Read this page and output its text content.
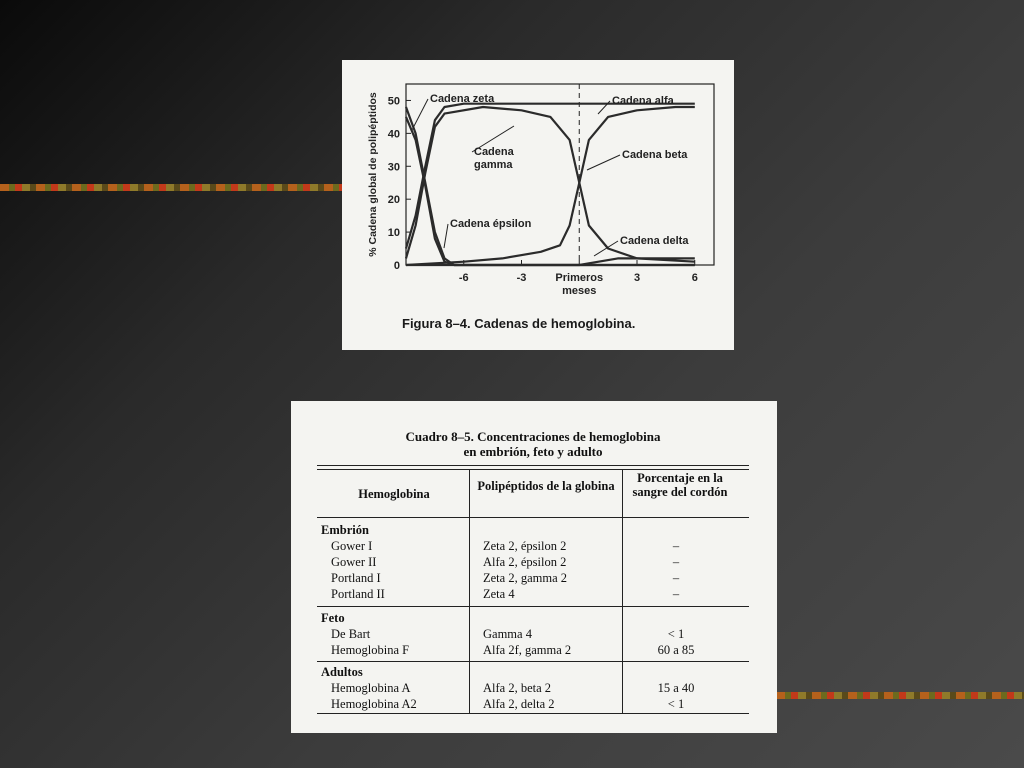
0
10
20
30
40
50
-6	-3	Primeros meses
3	6
% Cadena global de polipéptidos	Cadena zeta	Cadena alfa
Cadena gamma
Cadena beta
Cadena épsilon
Cadena delta
Figura 8–4. Cadenas de hemoglobina.
Cuadro 8–5. Concentraciones de hemoglobina
en embrión, feto y adulto
Hemoglobina
Polipéptidos de la globina
Porcentaje en la sangre del cordón
Embrión
Gower I	Zeta 2, épsilon 2	–
Gower II	Alfa 2, épsilon 2	–
Portland I	Zeta 2, gamma 2	–
Portland II	Zeta 4	–
Feto
De Bart	Gamma 4	< 1
Hemoglobina F	Alfa 2f, gamma 2	60 a 85
Adultos
Hemoglobina A	Alfa 2, beta 2	15 a 40
Hemoglobina A2	Alfa 2, delta 2	< 1
